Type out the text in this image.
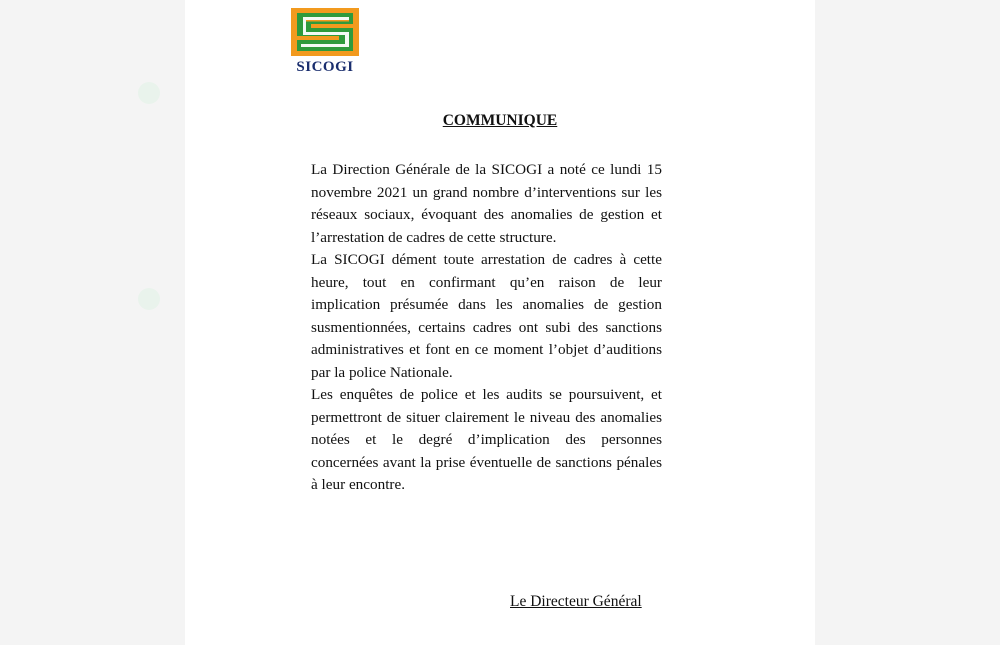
SICOGI
COMMUNIQUE

La Direction Générale de la SICOGI a noté ce lundi 15 novembre 2021 un grand nombre d’interventions sur les réseaux sociaux, évoquant des anomalies de gestion et l’arrestation de cadres de cette structure.

La SICOGI dément toute arrestation de cadres à cette heure, tout en confirmant qu’en raison de leur implication présumée dans les anomalies de gestion susmentionnées, certains cadres ont subi des sanctions administratives et font en ce moment l’objet d’auditions par la police Nationale.

Les enquêtes de police et les audits se poursuivent, et permettront de situer clairement le niveau des anomalies notées et le degré d’implication des personnes concernées avant la prise éventuelle de sanctions pénales à leur encontre.

Le Directeur Général
